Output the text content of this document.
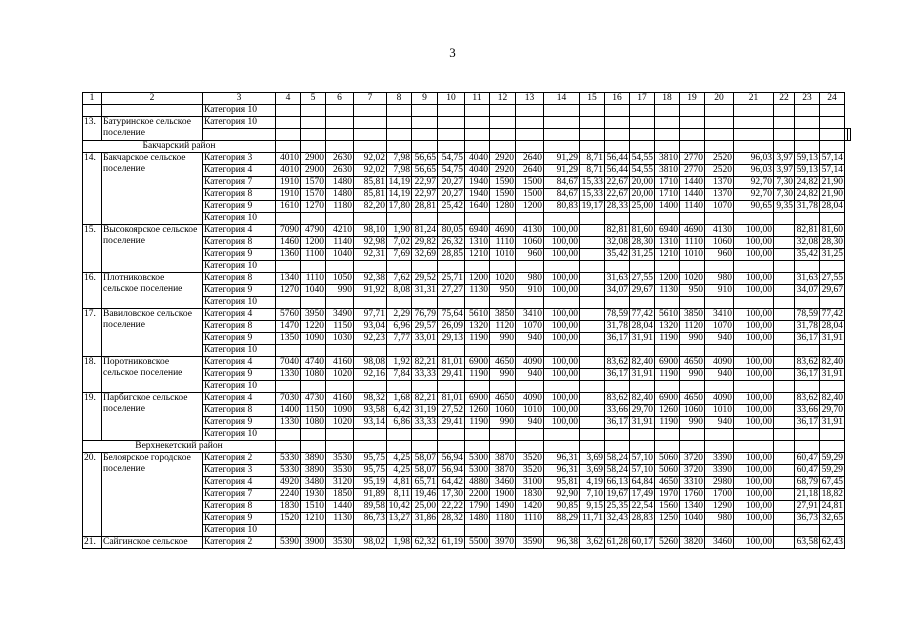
3
1	2	3	4	5	6	7	8	9	10	11	12	13	14	15	16	17	18	19	20	21	22	23	24		
		Категория 10																							
13.	Батуринское сельское поселение	Категория 10																							

Бакчарский район																									
14.	Бакчарское сельское поселение	Категория 3	4010	2900	2630	92,02	7,98	56,65	54,75	4040	2920	2640	91,29	8,71	56,44	54,55	3810	2770	2520	96,03	3,97	59,13	57,14		
		Категория 4	4010	2900	2630	92,02	7,98	56,65	54,75	4040	2920	2640	91,29	8,71	56,44	54,55	3810	2770	2520	96,03	3,97	59,13	57,14		
		Категория 7	1910	1570	1480	85,81	14,19	22,97	20,27	1940	1590	1500	84,67	15,33	22,67	20,00	1710	1440	1370	92,70	7,30	24,82	21,90		
		Категория 8	1910	1570	1480	85,81	14,19	22,97	20,27	1940	1590	1500	84,67	15,33	22,67	20,00	1710	1440	1370	92,70	7,30	24,82	21,90		
		Категория 9	1610	1270	1180	82,20	17,80	28,81	25,42	1640	1280	1200	80,83	19,17	28,33	25,00	1400	1140	1070	90,65	9,35	31,78	28,04		
		Категория 10																							
15.	Высокоярское сельское поселение	Категория 4	7090	4790	4210	98,10	1,90	81,24	80,05	6940	4690	4130	100,00		82,81	81,60	6940	4690	4130	100,00		82,81	81,60		
		Категория 8	1460	1200	1140	92,98	7,02	29,82	26,32	1310	1110	1060	100,00		32,08	28,30	1310	1110	1060	100,00		32,08	28,30		
		Категория 9	1360	1100	1040	92,31	7,69	32,69	28,85	1210	1010	960	100,00		35,42	31,25	1210	1010	960	100,00		35,42	31,25		
		Категория 10																							
16.	Плотниковское сельское поселение	Категория 8	1340	1110	1050	92,38	7,62	29,52	25,71	1200	1020	980	100,00		31,63	27,55	1200	1020	980	100,00		31,63	27,55		
		Категория 9	1270	1040	990	91,92	8,08	31,31	27,27	1130	950	910	100,00		34,07	29,67	1130	950	910	100,00		34,07	29,67		
		Категория 10																							
17.	Вавиловское сельское поселение	Категория 4	5760	3950	3490	97,71	2,29	76,79	75,64	5610	3850	3410	100,00		78,59	77,42	5610	3850	3410	100,00		78,59	77,42		
		Категория 8	1470	1220	1150	93,04	6,96	29,57	26,09	1320	1120	1070	100,00		31,78	28,04	1320	1120	1070	100,00		31,78	28,04		
		Категория 9	1350	1090	1030	92,23	7,77	33,01	29,13	1190	990	940	100,00		36,17	31,91	1190	990	940	100,00		36,17	31,91		
		Категория 10																							
18.	Поротниковское сельское поселение	Категория 4	7040	4740	4160	98,08	1,92	82,21	81,01	6900	4650	4090	100,00		83,62	82,40	6900	4650	4090	100,00		83,62	82,40		
		Категория 9	1330	1080	1020	92,16	7,84	33,33	29,41	1190	990	940	100,00		36,17	31,91	1190	990	940	100,00		36,17	31,91		
		Категория 10																							
19.	Парбигское сельское поселение	Категория 4	7030	4730	4160	98,32	1,68	82,21	81,01	6900	4650	4090	100,00		83,62	82,40	6900	4650	4090	100,00		83,62	82,40		
		Категория 8	1400	1150	1090	93,58	6,42	31,19	27,52	1260	1060	1010	100,00		33,66	29,70	1260	1060	1010	100,00		33,66	29,70		
		Категория 9	1330	1080	1020	93,14	6,86	33,33	29,41	1190	990	940	100,00		36,17	31,91	1190	990	940	100,00		36,17	31,91		
		Категория 10																							
Верхнекетский район																									
20.	Белоярское городское поселение	Категория 2	5330	3890	3530	95,75	4,25	58,07	56,94	5300	3870	3520	96,31	3,69	58,24	57,10	5060	3720	3390	100,00		60,47	59,29		
		Категория 3	5330	3890	3530	95,75	4,25	58,07	56,94	5300	3870	3520	96,31	3,69	58,24	57,10	5060	3720	3390	100,00		60,47	59,29		
		Категория 4	4920	3480	3120	95,19	4,81	65,71	64,42	4880	3460	3100	95,81	4,19	66,13	64,84	4650	3310	2980	100,00		68,79	67,45		
		Категория 7	2240	1930	1850	91,89	8,11	19,46	17,30	2200	1900	1830	92,90	7,10	19,67	17,49	1970	1760	1700	100,00		21,18	18,82		
		Категория 8	1830	1510	1440	89,58	10,42	25,00	22,22	1790	1490	1420	90,85	9,15	25,35	22,54	1560	1340	1290	100,00		27,91	24,81		
		Категория 9	1520	1210	1130	86,73	13,27	31,86	28,32	1480	1180	1110	88,29	11,71	32,43	28,83	1250	1040	980	100,00		36,73	32,65		
		Категория 10																							
21.	Сайгинское сельское	Категория 2	5390	3900	3530	98,02	1,98	62,32	61,19	5500	3970	3590	96,38	3,62	61,28	60,17	5260	3820	3460	100,00		63,58	62,43		
